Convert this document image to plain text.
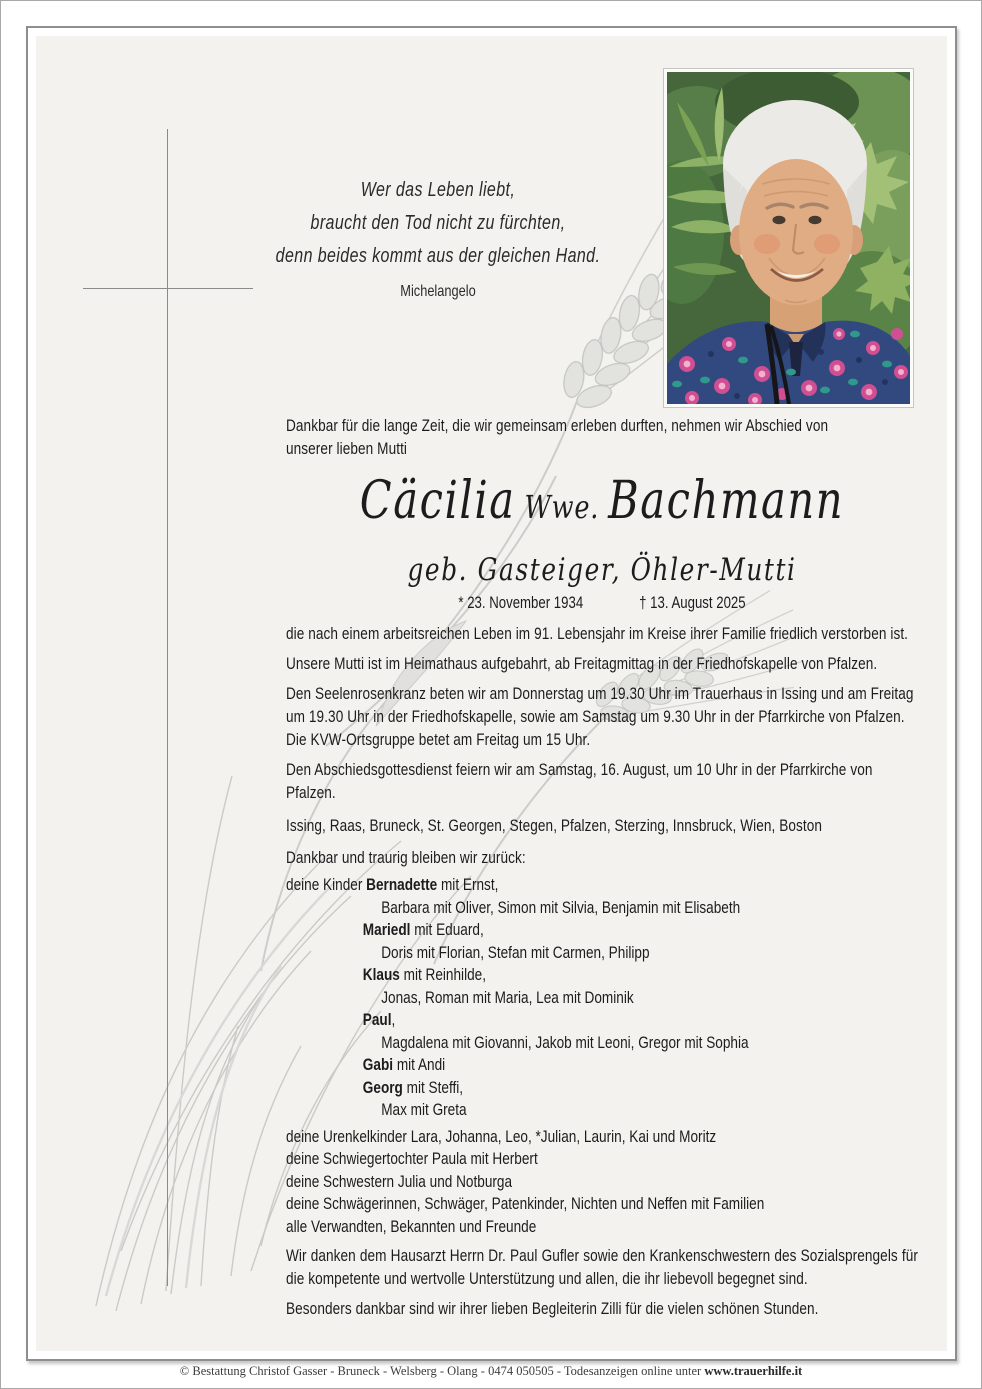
Wer das Leben liebt,
braucht den Tod nicht zu fürchten,
denn beides kommt aus der gleichen Hand.
Michelangelo

Dankbar für die lange Zeit, die wir gemeinsam erleben durften, nehmen wir Abschied von
unserer lieben Mutti

Cäcilia Wwe. Bachmann
geb. Gasteiger, Öhler-Mutti
* 23. November 1934	† 13. August 2025

die nach einem arbeitsreichen Leben im 91. Lebensjahr im Kreise ihrer Familie friedlich verstorben ist.

Unsere Mutti ist im Heimathaus aufgebahrt, ab Freitagmittag in der Friedhofskapelle von Pfalzen.

Den Seelenrosenkranz beten wir am Donnerstag um 19.30 Uhr im Trauerhaus in Issing und am Freitag um 19.30 Uhr in der Friedhofskapelle, sowie am Samstag um 9.30 Uhr in der Pfarrkirche von Pfalzen. Die KVW-Ortsgruppe betet am Freitag um 15 Uhr.

Den Abschiedsgottesdienst feiern wir am Samstag, 16. August, um 10 Uhr in der Pfarrkirche von Pfalzen.

Issing, Raas, Bruneck, St. Georgen, Stegen, Pfalzen, Sterzing, Innsbruck, Wien, Boston

Dankbar und traurig bleiben wir zurück:

deine Kinder Bernadette mit Ernst,
Barbara mit Oliver, Simon mit Silvia, Benjamin mit Elisabeth
Mariedl mit Eduard,
Doris mit Florian, Stefan mit Carmen, Philipp
Klaus mit Reinhilde,
Jonas, Roman mit Maria, Lea mit Dominik
Paul,
Magdalena mit Giovanni, Jakob mit Leoni, Gregor mit Sophia
Gabi mit Andi
Georg mit Steffi,
Max mit Greta
deine Urenkelkinder Lara, Johanna, Leo, *Julian, Laurin, Kai und Moritz
deine Schwiegertochter Paula mit Herbert
deine Schwestern Julia und Notburga
deine Schwägerinnen, Schwäger, Patenkinder, Nichten und Neffen mit Familien
alle Verwandten, Bekannten und Freunde

Wir danken dem Hausarzt Herrn Dr. Paul Gufler sowie den Krankenschwestern des Sozialsprengels für die kompetente und wertvolle Unterstützung und allen, die ihr liebevoll begegnet sind.

Besonders dankbar sind wir ihrer lieben Begleiterin Zilli für die vielen schönen Stunden.

© Bestattung Christof Gasser - Bruneck - Welsberg - Olang - 0474 050505 - Todesanzeigen online unter www.trauerhilfe.it
